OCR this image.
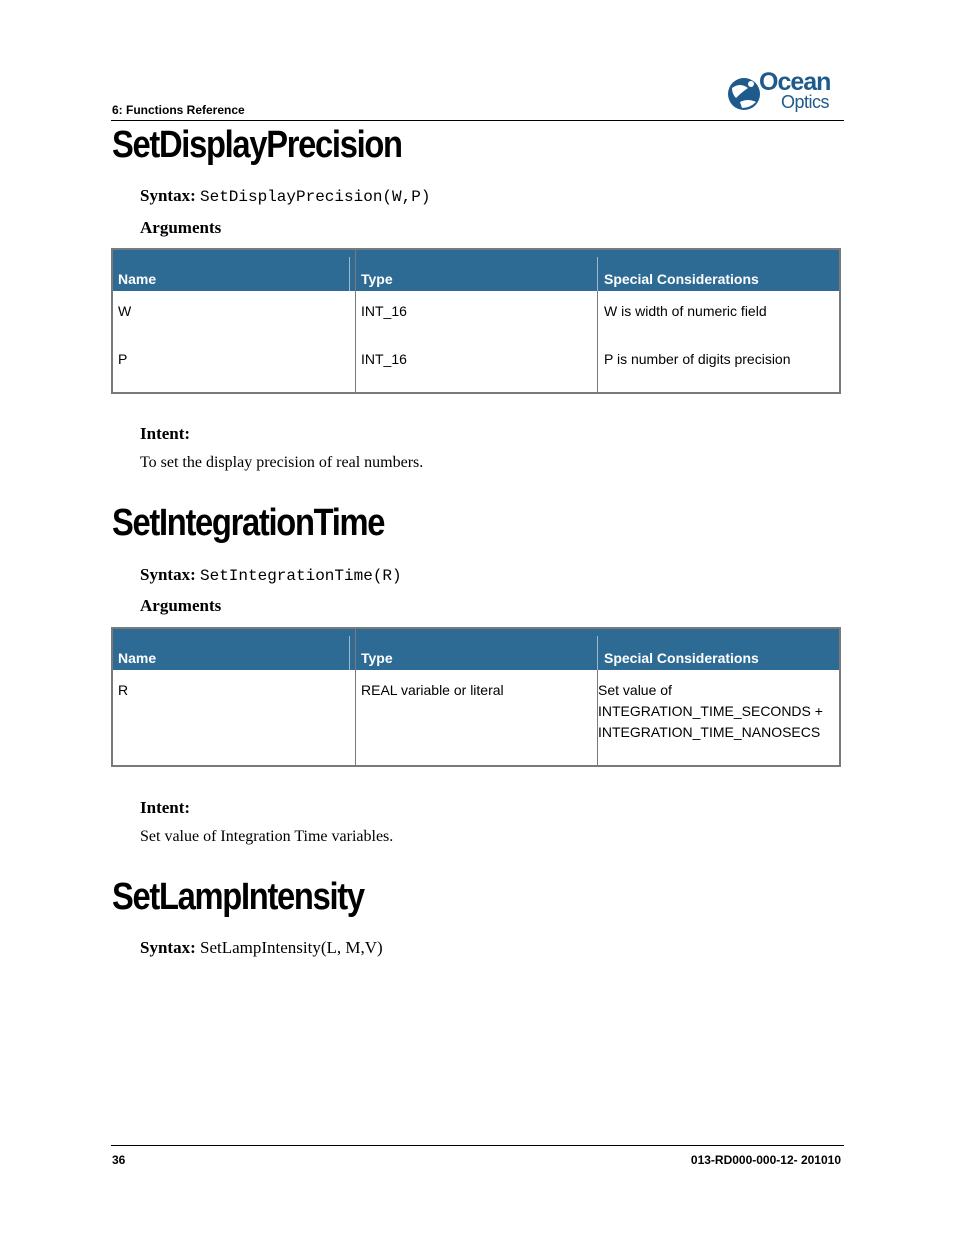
6: Functions Reference
Ocean
Optics
SetDisplayPrecision
Syntax: SetDisplayPrecision(W,P)
Arguments
Name	Type	Special Considerations
W	INT_16	W is width of numeric field
P	INT_16	P is number of digits precision
Intent:
To set the display precision of real numbers.
SetIntegrationTime
Syntax: SetIntegrationTime(R)
Arguments
Name	Type	Special Considerations
R	REAL variable or literal	Set value of
INTEGRATION_TIME_SECONDS +
INTEGRATION_TIME_NANOSECS
Intent:
Set value of Integration Time variables.
SetLampIntensity
Syntax: SetLampIntensity(L, M,V)
36	013-RD000-000-12- 201010
